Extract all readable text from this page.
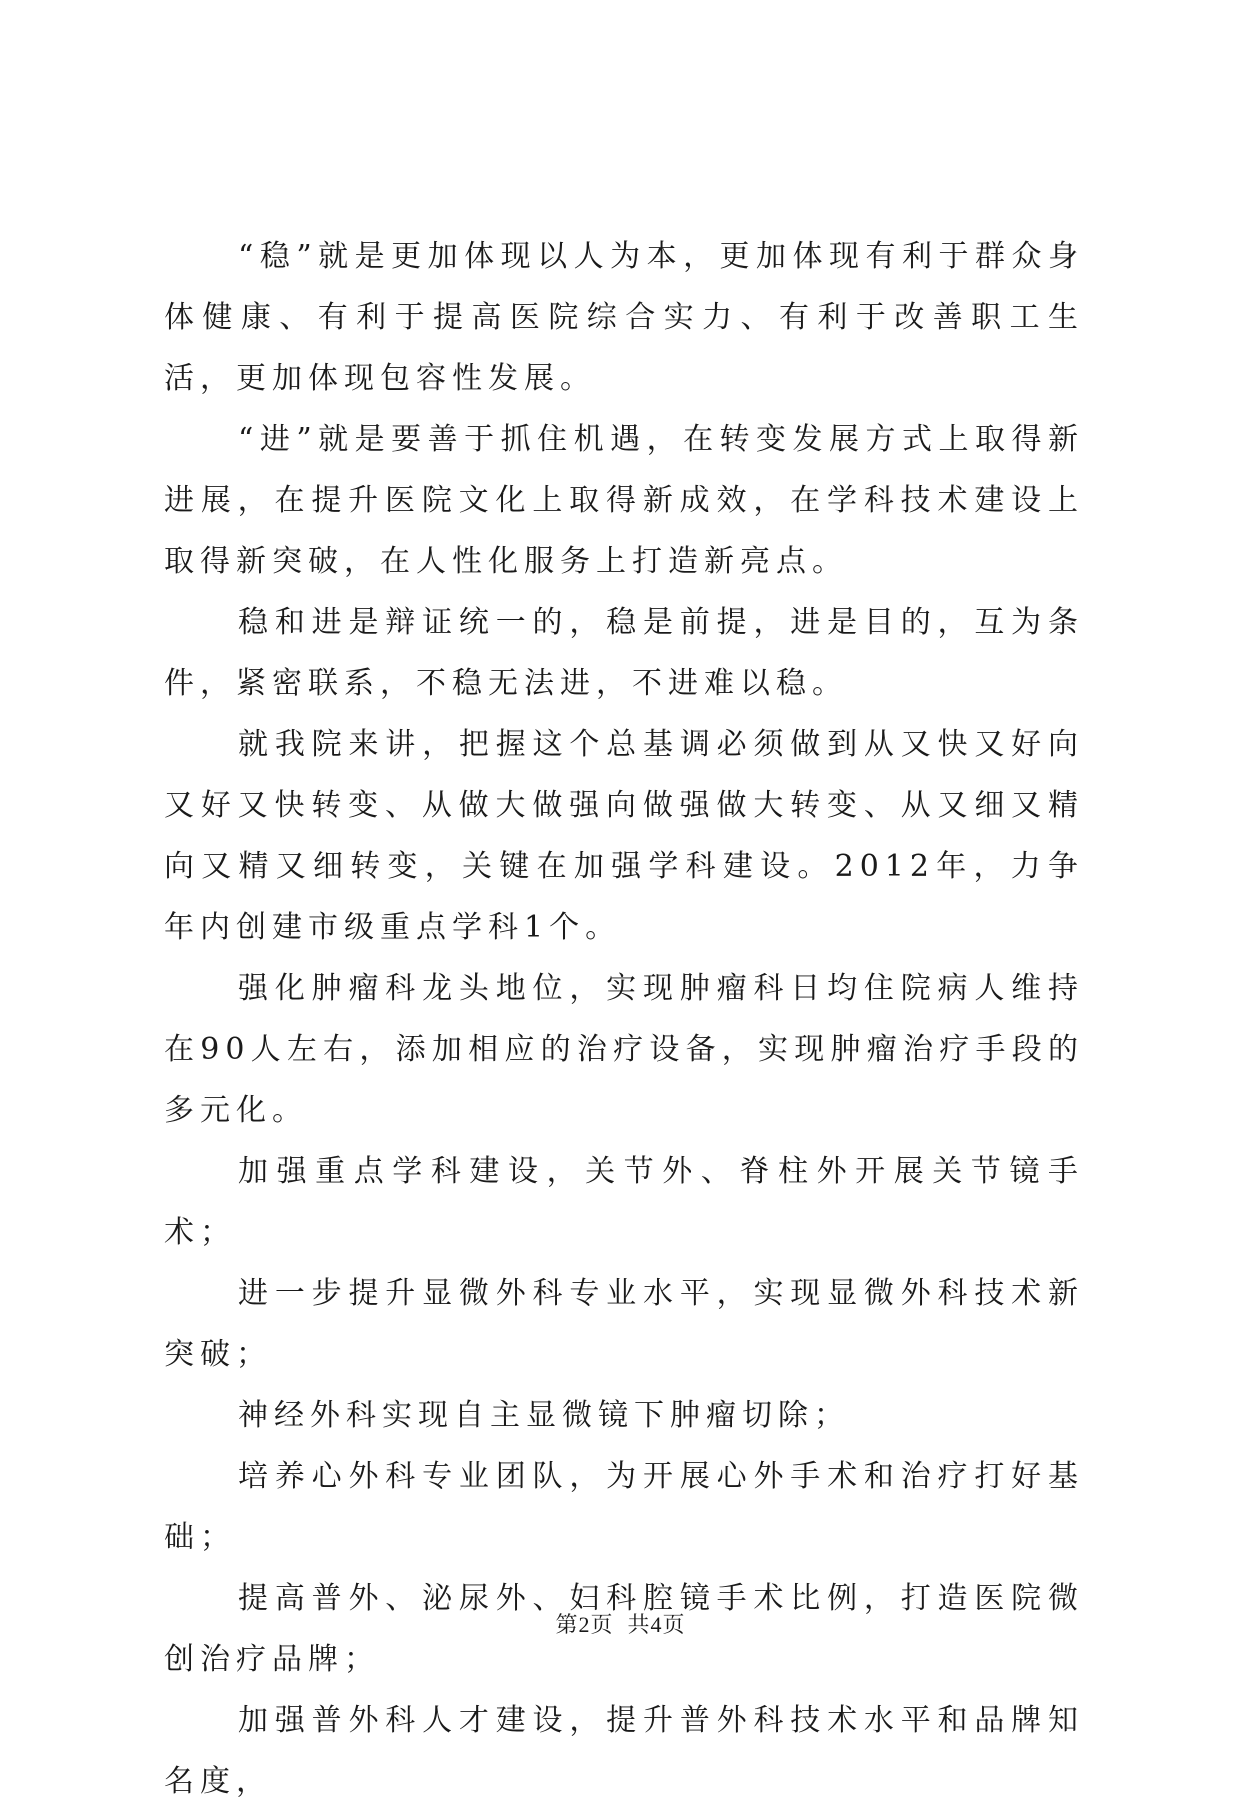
“稳”就是更加体现以人为本，更加体现有利于群众身体健康、有利于提高医院综合实力、有利于改善职工生活，更加体现包容性发展。

“进”就是要善于抓住机遇，在转变发展方式上取得新进展，在提升医院文化上取得新成效，在学科技术建设上取得新突破，在人性化服务上打造新亮点。

稳和进是辩证统一的，稳是前提，进是目的，互为条件，紧密联系，不稳无法进，不进难以稳。

就我院来讲，把握这个总基调必须做到从又快又好向又好又快转变、从做大做强向做强做大转变、从又细又精向又精又细转变，关键在加强学科建设。2012年，力争年内创建市级重点学科1个。

强化肿瘤科龙头地位，实现肿瘤科日均住院病人维持在90人左右，添加相应的治疗设备，实现肿瘤治疗手段的多元化。

加强重点学科建设，关节外、脊柱外开展关节镜手术；

进一步提升显微外科专业水平，实现显微外科技术新突破；

神经外科实现自主显微镜下肿瘤切除；

培养心外科专业团队，为开展心外手术和治疗打好基础；

提高普外、泌尿外、妇科腔镜手术比例，打造医院微创治疗品牌；

加强普外科人才建设，提升普外科技术水平和品牌知名度，

第2页 共4页
